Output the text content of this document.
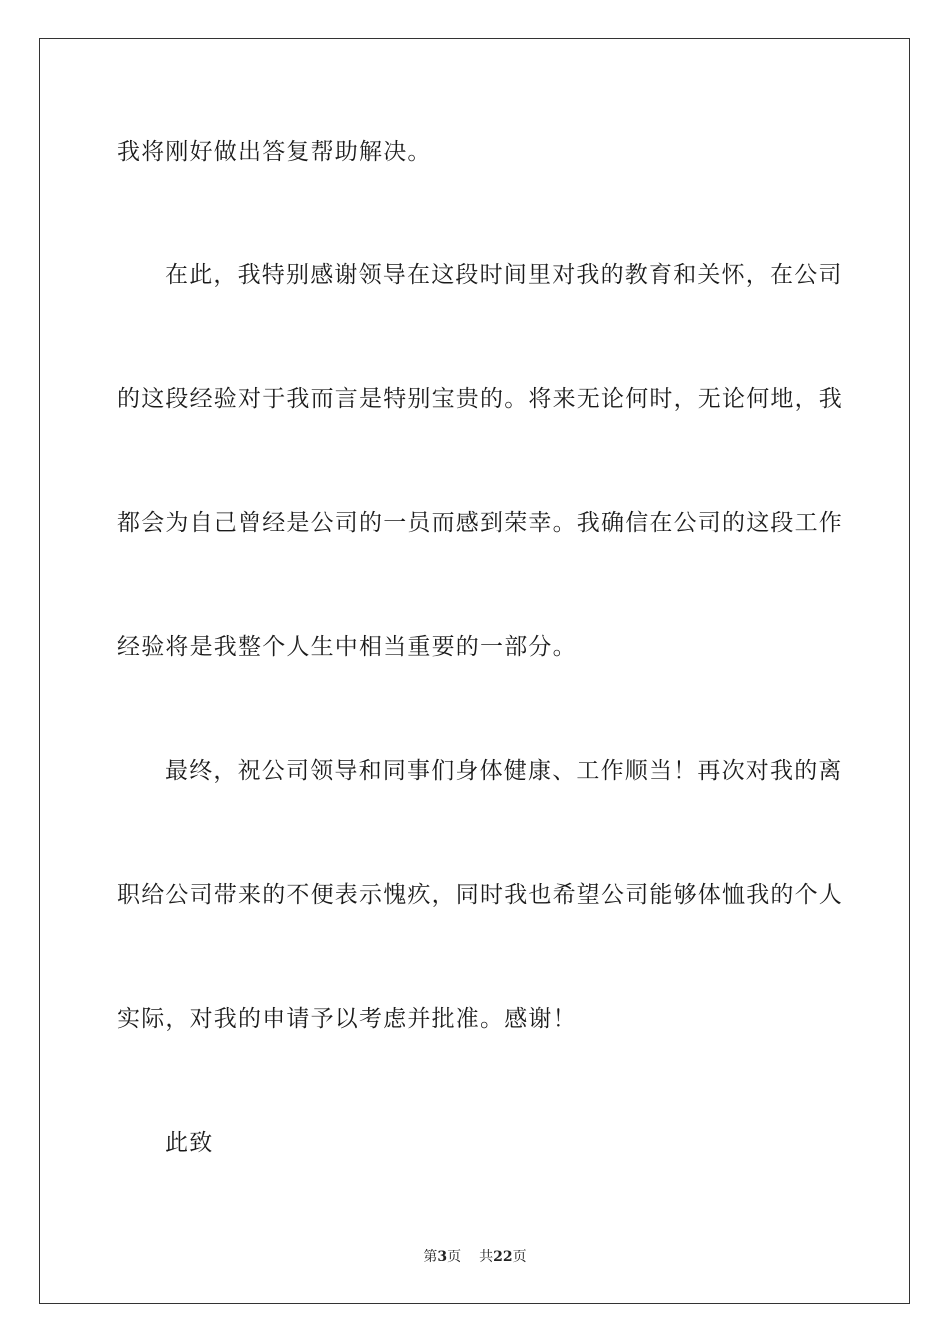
我将刚好做出答复帮助解决。
在此，我特别感谢领导在这段时间里对我的教育和关怀，在公司
的这段经验对于我而言是特别宝贵的。将来无论何时，无论何地，我
都会为自己曾经是公司的一员而感到荣幸。我确信在公司的这段工作
经验将是我整个人生中相当重要的一部分。
最终，祝公司领导和同事们身体健康、工作顺当！再次对我的离
职给公司带来的不便表示愧疚，同时我也希望公司能够体恤我的个人
实际，对我的申请予以考虑并批准。感谢！
此致
第3页 共22页
